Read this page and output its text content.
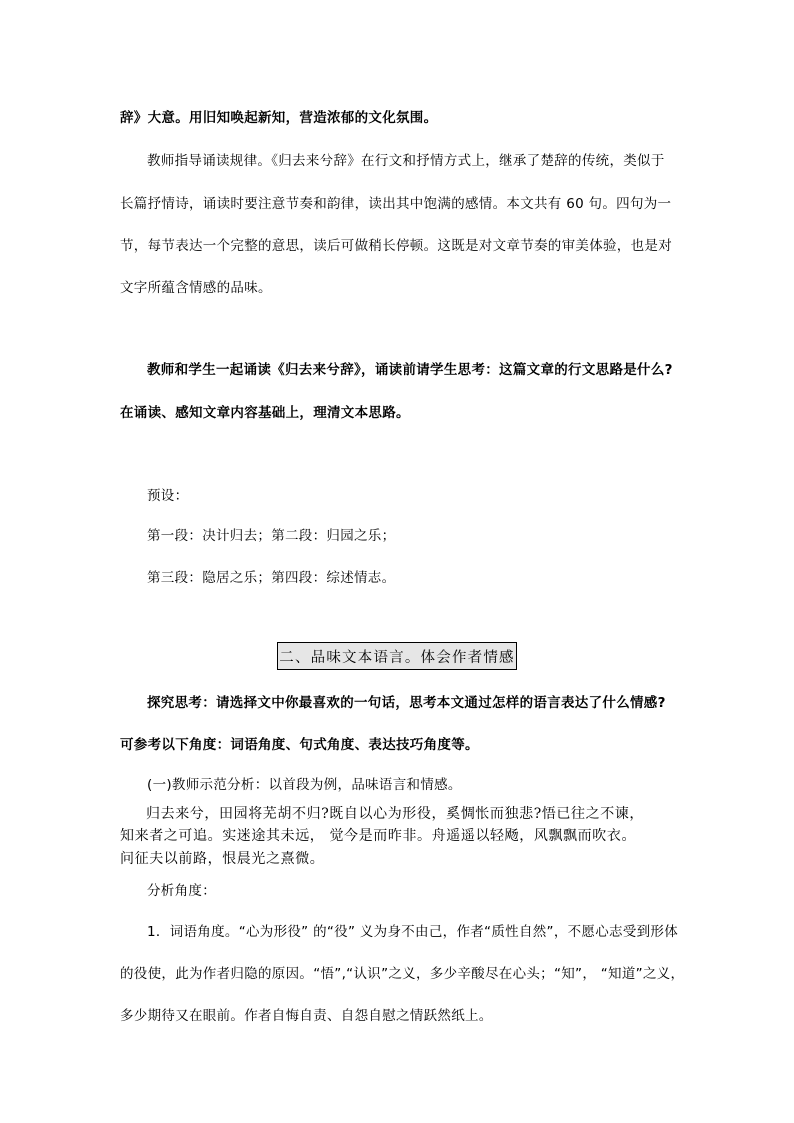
辞》大意。用旧知唤起新知，营造浓郁的文化氛围。
教师指导诵读规律。《归去来兮辞》在行文和抒情方式上，继承了楚辞的传统，类似于
长篇抒情诗，诵读时要注意节奏和韵律，读出其中饱满的感情。本文共有 60 句。四句为一
节，每节表达一个完整的意思，读后可做稍长停顿。这既是对文章节奏的审美体验，也是对
文字所蕴含情感的品味。
教师和学生一起诵读《归去来兮辞》，诵读前请学生思考：这篇文章的行文思路是什么?
在诵读、感知文章内容基础上，理清文本思路。
预设：
第一段：决计归去；第二段：归园之乐；
第三段：隐居之乐；第四段：综述情志。
二、品味文本语言。体会作者情感
探究思考：请选择文中你最喜欢的一句话，思考本文通过怎样的语言表达了什么情感?
可参考以下角度：词语角度、句式角度、表达技巧角度等。
(一)教师示范分析：以首段为例，品味语言和情感。
归去来兮，田园将芜胡不归?既自以心为形役，奚惆怅而独悲?悟已往之不谏，
知来者之可追。实迷途其未远， 觉今是而昨非。舟遥遥以轻飏，风飘飘而吹衣。
问征夫以前路，恨晨光之熹微。
分析角度：
1．词语角度。“心为形役” 的“役” 义为身不由己，作者“质性自然”，不愿心志受到形体
的役使，此为作者归隐的原因。“悟”,“认识”之义，多少辛酸尽在心头；“知”， “知道”之义，
多少期待又在眼前。作者自悔自责、自怨自慰之情跃然纸上。
